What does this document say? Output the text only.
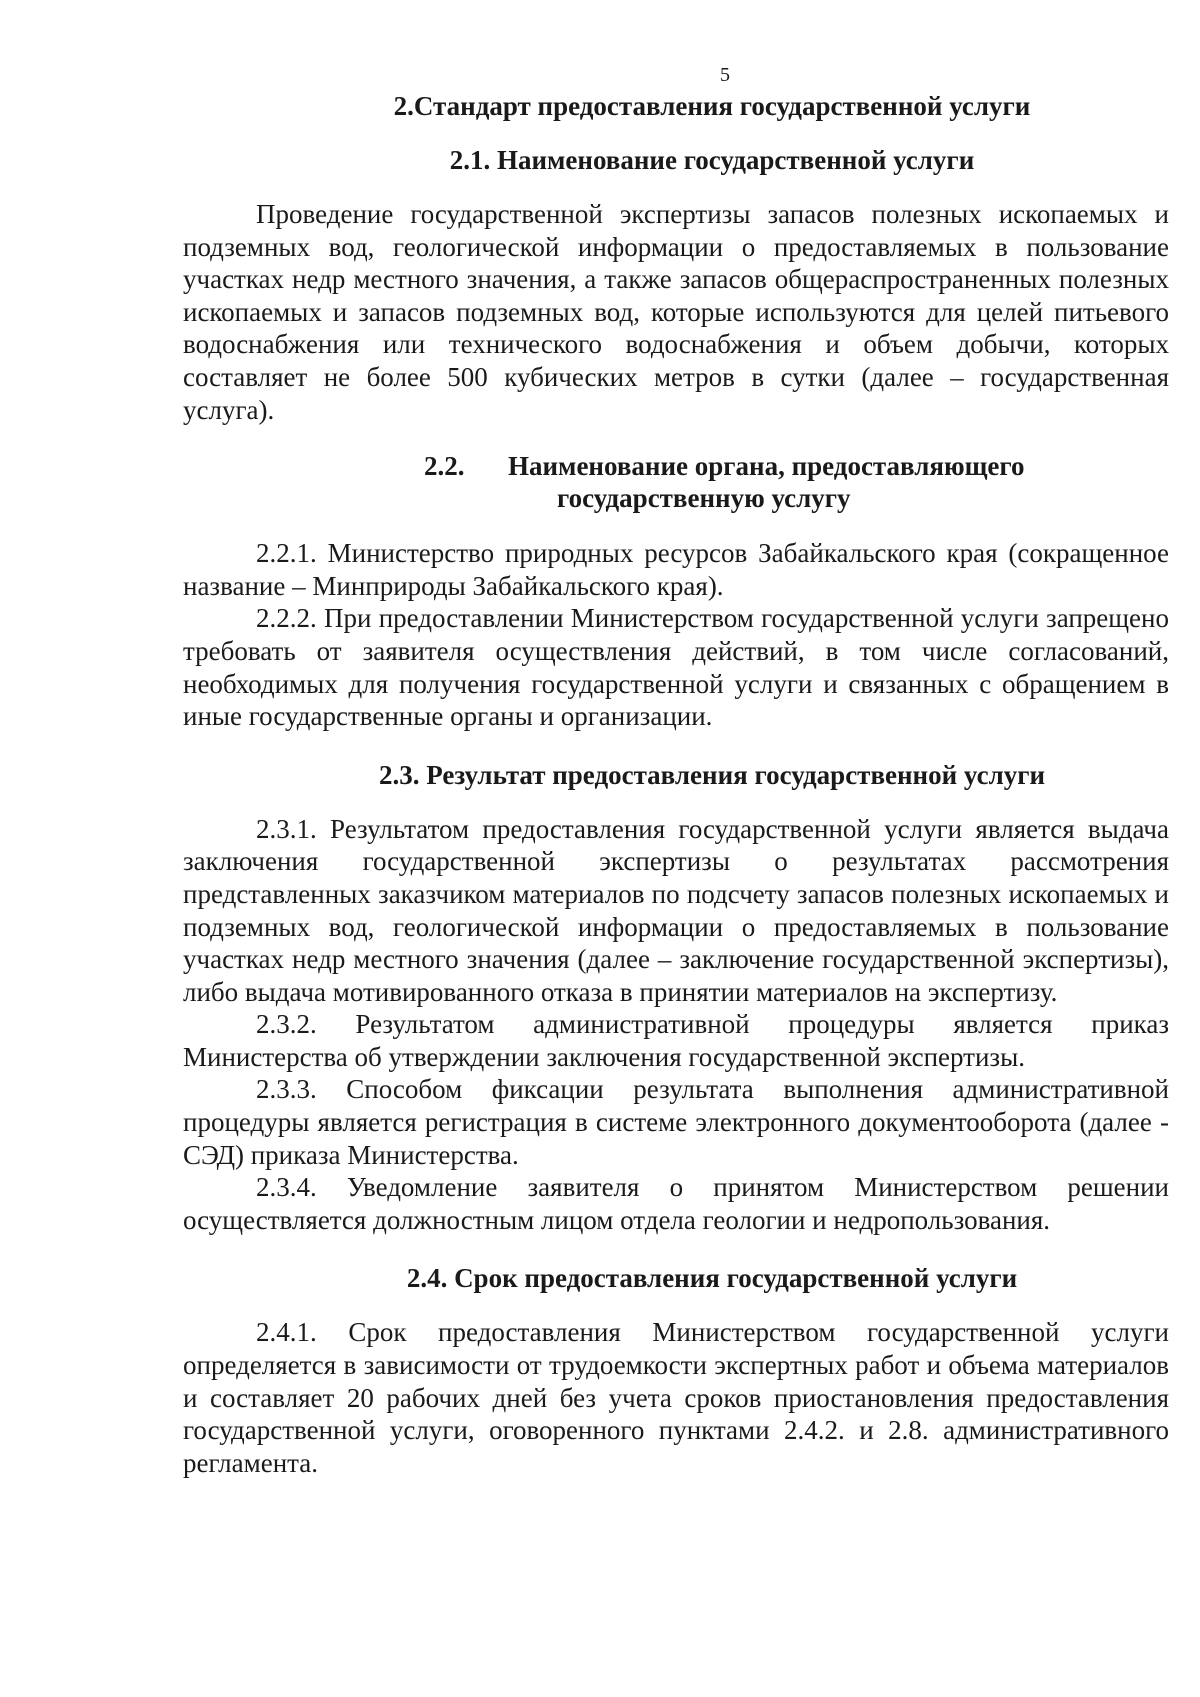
5
2.Стандарт предоставления государственной услуги
2.1. Наименование государственной услуги

Проведение государственной экспертизы запасов полезных ископаемых и подземных вод, геологической информации о предоставляемых в пользование участках недр местного значения, а также запасов общераспространенных полезных ископаемых и запасов подземных вод, которые используются для целей питьевого водоснабжения или технического водоснабжения и объем добычи, которых составляет не более 500 кубических метров в сутки (далее – государственная услуга).

2.2.	Наименование органа, предоставляющего
государственную услугу

2.2.1. Министерство природных ресурсов Забайкальского края (сокращенное название – Минприроды Забайкальского края).

2.2.2. При предоставлении Министерством государственной услуги запрещено требовать от заявителя осуществления действий, в том числе согласований, необходимых для получения государственной услуги и связанных с обращением в иные государственные органы и организации.

2.3. Результат предоставления государственной услуги

2.3.1. Результатом предоставления государственной услуги является выдача заключения государственной экспертизы о результатах рассмотрения представленных заказчиком материалов по подсчету запасов полезных ископаемых и подземных вод, геологической информации о предоставляемых в пользование участках недр местного значения (далее – заключение государственной экспертизы), либо выдача мотивированного отказа в принятии материалов на экспертизу.

2.3.2. Результатом административной процедуры является приказ Министерства об утверждении заключения государственной экспертизы.

2.3.3. Способом фиксации результата выполнения административной процедуры является регистрация в системе электронного документооборота (далее - СЭД) приказа Министерства.

2.3.4. Уведомление заявителя о принятом Министерством решении осуществляется должностным лицом отдела геологии и недропользования.

2.4. Срок предоставления государственной услуги

2.4.1. Срок предоставления Министерством государственной услуги определяется в зависимости от трудоемкости экспертных работ и объема материалов и составляет 20 рабочих дней без учета сроков приостановления предоставления государственной услуги, оговоренного пунктами 2.4.2. и 2.8. административного регламента.
